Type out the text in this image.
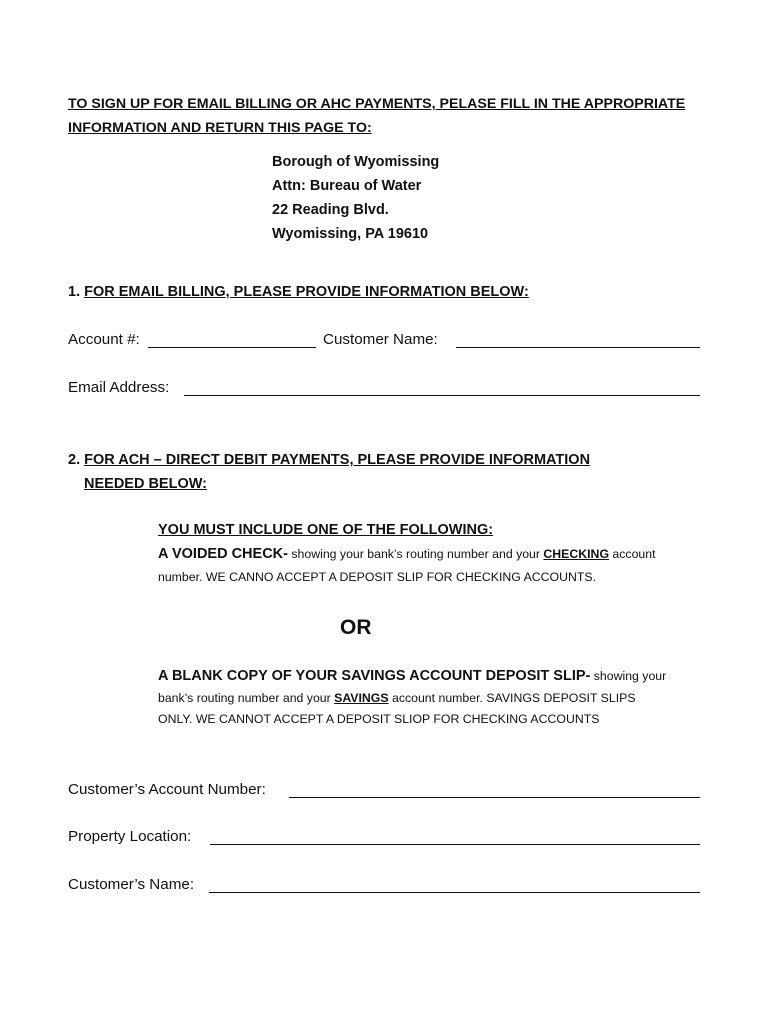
TO SIGN UP FOR EMAIL BILLING OR AHC PAYMENTS, PELASE FILL IN THE APPROPRIATE
INFORMATION AND RETURN THIS PAGE TO:
Borough of Wyomissing
Attn: Bureau of Water
22 Reading Blvd.
Wyomissing, PA 19610
1. FOR EMAIL BILLING, PLEASE PROVIDE INFORMATION BELOW:
Account #:	Customer Name:
Email Address:
2. FOR ACH – DIRECT DEBIT PAYMENTS, PLEASE PROVIDE INFORMATION
NEEDED BELOW:
YOU MUST INCLUDE ONE OF THE FOLLOWING:
A VOIDED CHECK- showing your bank’s routing number and your CHECKING account
number. WE CANNO ACCEPT A DEPOSIT SLIP FOR CHECKING ACCOUNTS.
OR
A BLANK COPY OF YOUR SAVINGS ACCOUNT DEPOSIT SLIP- showing your
bank’s routing number and your SAVINGS account number. SAVINGS DEPOSIT SLIPS
ONLY. WE CANNOT ACCEPT A DEPOSIT SLIOP FOR CHECKING ACCOUNTS
Customer’s Account Number:
Property Location:
Customer’s Name:
